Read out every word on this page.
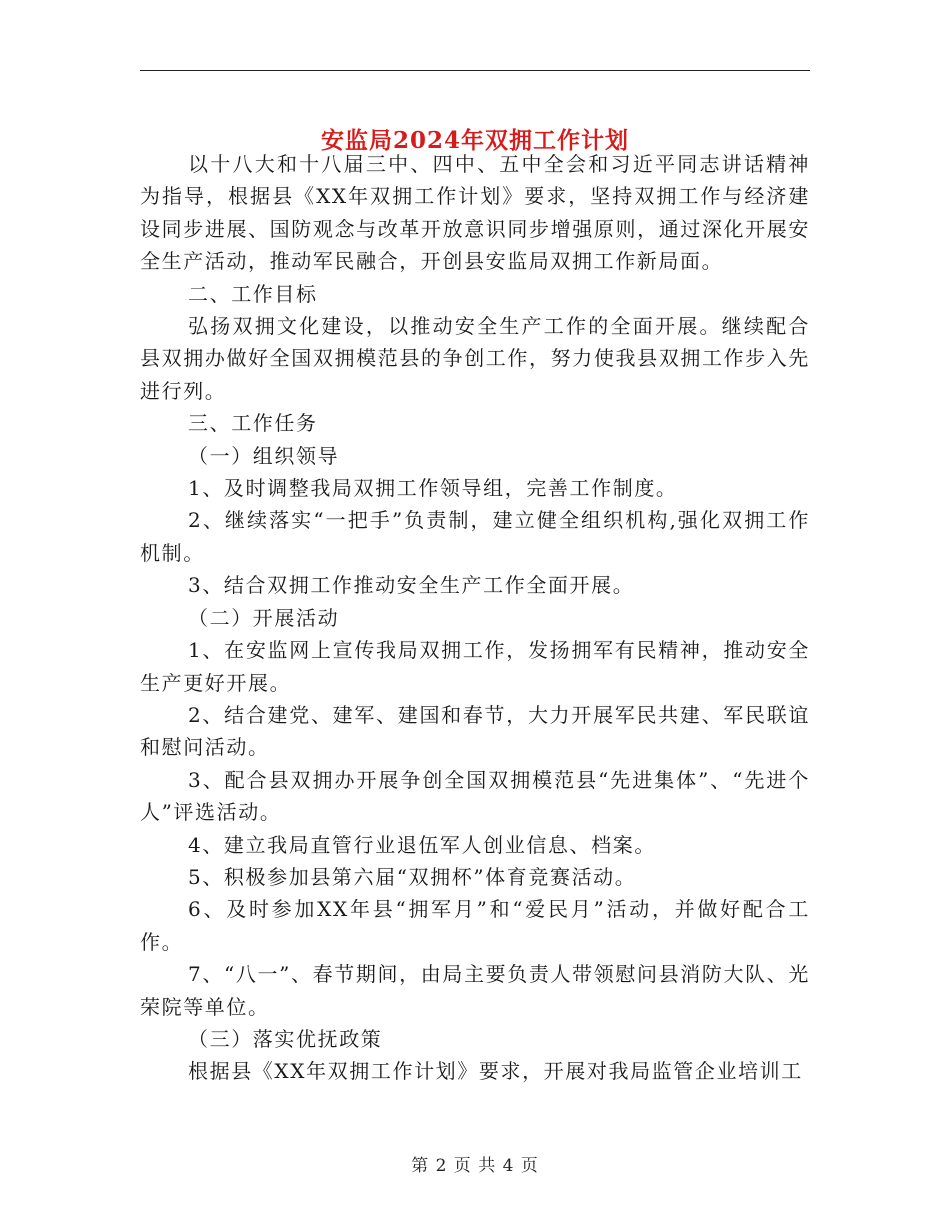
安监局2024年双拥工作计划

以十八大和十八届三中、四中、五中全会和习近平同志讲话精神为指导，根据县《XX年双拥工作计划》要求，坚持双拥工作与经济建设同步进展、国防观念与改革开放意识同步增强原则，通过深化开展安全生产活动，推动军民融合，开创县安监局双拥工作新局面。

二、工作目标

弘扬双拥文化建设，以推动安全生产工作的全面开展。继续配合县双拥办做好全国双拥模范县的争创工作，努力使我县双拥工作步入先进行列。

三、工作任务

（一）组织领导

1、及时调整我局双拥工作领导组，完善工作制度。

2、继续落实“一把手”负责制，建立健全组织机构,强化双拥工作机制。

3、结合双拥工作推动安全生产工作全面开展。

（二）开展活动

1、在安监网上宣传我局双拥工作，发扬拥军有民精神，推动安全生产更好开展。

2、结合建党、建军、建国和春节，大力开展军民共建、军民联谊和慰问活动。

3、配合县双拥办开展争创全国双拥模范县“先进集体”、“先进个人”评选活动。

4、建立我局直管行业退伍军人创业信息、档案。

5、积极参加县第六届“双拥杯”体育竞赛活动。

6、及时参加XX年县“拥军月”和“爱民月”活动，并做好配合工作。

7、“八一”、春节期间，由局主要负责人带领慰问县消防大队、光荣院等单位。

（三）落实优抚政策

根据县《XX年双拥工作计划》要求，开展对我局监管企业培训工

第 2 页 共 4 页
